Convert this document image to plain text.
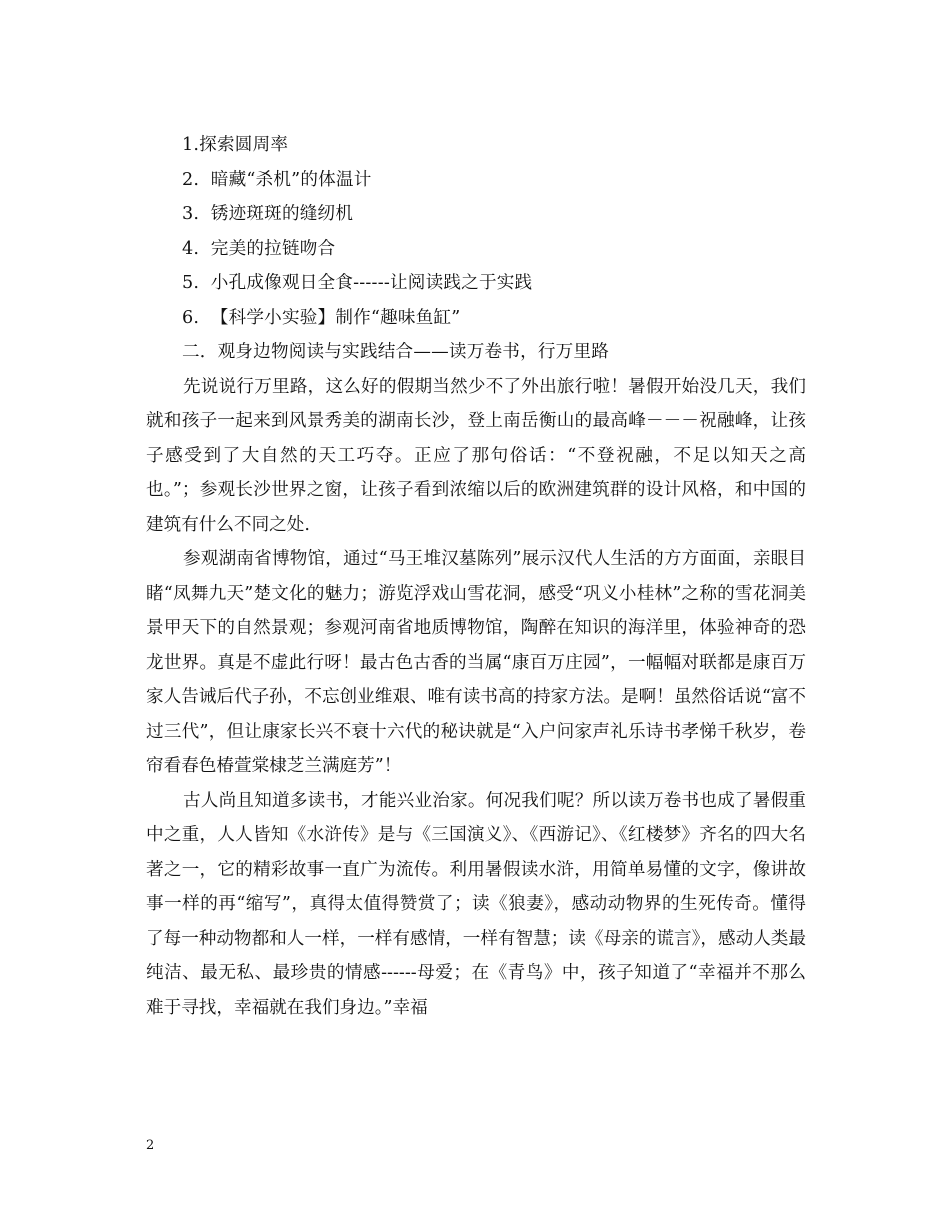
1.探索圆周率
2.  暗藏“杀机”的体温计
3.  锈迹斑斑的缝纫机
4.  完美的拉链吻合
5.  小孔成像观日全食------让阅读践之于实践
6.  【科学小实验】制作“趣味鱼缸”
二．观身边物阅读与实践结合——读万卷书，行万里路

先说说行万里路，这么好的假期当然少不了外出旅行啦！暑假开始没几天，我们就和孩子一起来到风景秀美的湖南长沙，登上南岳衡山的最高峰－－－祝融峰，让孩子感受到了大自然的天工巧夺。正应了那句俗话：“不登祝融，不足以知天之高也。”；参观长沙世界之窗，让孩子看到浓缩以后的欧洲建筑群的设计风格，和中国的建筑有什么不同之处.

参观湖南省博物馆，通过“马王堆汉墓陈列”展示汉代人生活的方方面面，亲眼目睹“凤舞九天”楚文化的魅力；游览浮戏山雪花洞，感受“巩义小桂林”之称的雪花洞美景甲天下的自然景观；参观河南省地质博物馆，陶醉在知识的海洋里，体验神奇的恐龙世界。真是不虚此行呀！最古色古香的当属“康百万庄园”，一幅幅对联都是康百万家人告诫后代子孙，不忘创业维艰、唯有读书高的持家方法。是啊！虽然俗话说“富不过三代”，但让康家长兴不衰十六代的秘诀就是“入户问家声礼乐诗书孝悌千秋岁，卷帘看春色椿萱棠棣芝兰满庭芳”！

古人尚且知道多读书，才能兴业治家。何况我们呢？所以读万卷书也成了暑假重中之重，人人皆知《水浒传》是与《三国演义》、《西游记》、《红楼梦》齐名的四大名著之一，它的精彩故事一直广为流传。利用暑假读水浒，用简单易懂的文字，像讲故事一样的再“缩写”，真得太值得赞赏了；读《狼妻》，感动动物界的生死传奇。懂得了每一种动物都和人一样，一样有感情，一样有智慧；读《母亲的谎言》，感动人类最纯洁、最无私、最珍贵的情感------母爱；在《青鸟》中，孩子知道了“幸福并不那么难于寻找，幸福就在我们身边。”幸福

2
